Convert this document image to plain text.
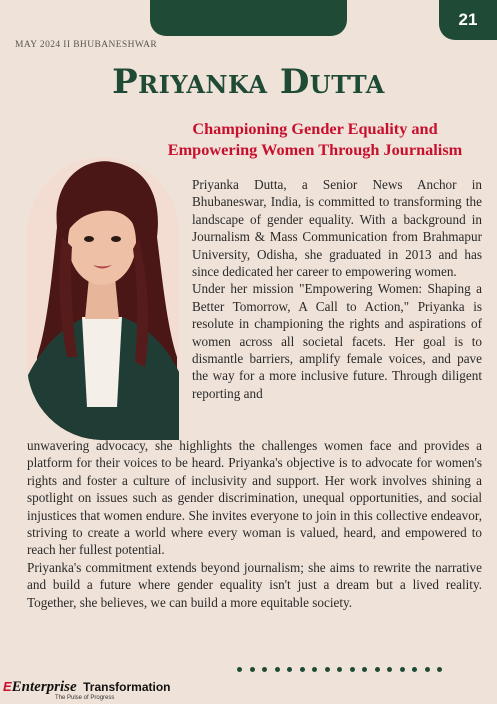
21
MAY 2024 II BHUBANESHWAR
Priyanka Dutta
Championing Gender Equality and
Empowering Women Through Journalism

Priyanka Dutta, a Senior News Anchor in Bhubaneswar, India, is committed to transforming the landscape of gender equality. With a background in Journalism & Mass Communication from Brahmapur University, Odisha, she graduated in 2013 and has since dedicated her career to empowering women.

Under her mission "Empowering Women: Shaping a Better Tomorrow, A Call to Action," Priyanka is resolute in championing the rights and aspirations of women across all societal facets. Her goal is to dismantle barriers, amplify female voices, and pave the way for a more inclusive future. Through diligent reporting and

unwavering advocacy, she highlights the challenges women face and provides a platform for their voices to be heard. Priyanka's objective is to advocate for women's rights and foster a culture of inclusivity and support. Her work involves shining a spotlight on issues such as gender discrimination, unequal opportunities, and social injustices that women endure. She invites everyone to join in this collective endeavor, striving to create a world where every woman is valued, heard, and empowered to reach her fullest potential.

Priyanka's commitment extends beyond journalism; she aims to rewrite the narrative and build a future where gender equality isn't just a dream but a lived reality. Together, she believes, we can build a more equitable society.

EEnterprise Transformation
The Pulse of Progress
